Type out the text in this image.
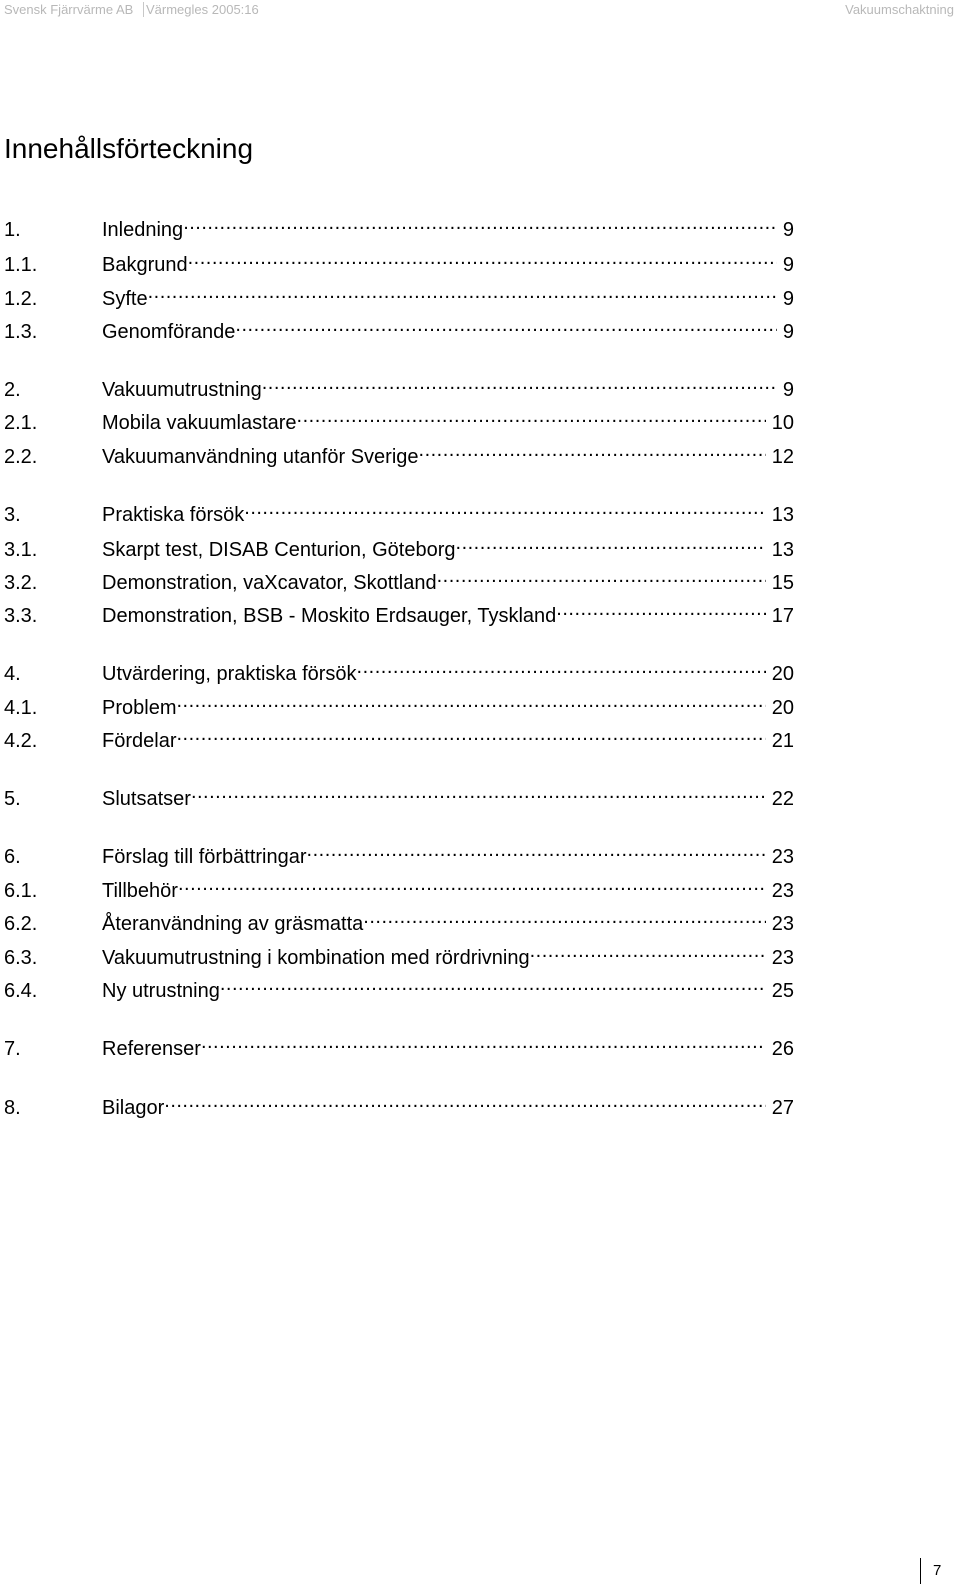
Svensk Fjärrvärme AB Värmegles 2005:16	Vakuumschaktning
Innehållsförteckning
1.	Inledning .....	9
1.1.	Bakgrund .....	9
1.2.	Syfte .....	9
1.3.	Genomförande .....	9
2.	Vakuumutrustning .....	9
2.1.	Mobila vakuumlastare .....	10
2.2.	Vakuumanvändning utanför Sverige .....	12
3.	Praktiska försök .....	13
3.1.	Skarpt test, DISAB Centurion, Göteborg .....	13
3.2.	Demonstration, vaXcavator, Skottland .....	15
3.3.	Demonstration, BSB - Moskito Erdsauger, Tyskland .....	17
4.	Utvärdering, praktiska försök .....	20
4.1.	Problem .....	20
4.2.	Fördelar .....	21
5.	Slutsatser .....	22
6.	Förslag till förbättringar .....	23
6.1.	Tillbehör .....	23
6.2.	Återanvändning av gräsmatta .....	23
6.3.	Vakuumutrustning i kombination med rördrivning .....	23
6.4.	Ny utrustning .....	25
7.	Referenser .....	26
8.	Bilagor .....	27
7
